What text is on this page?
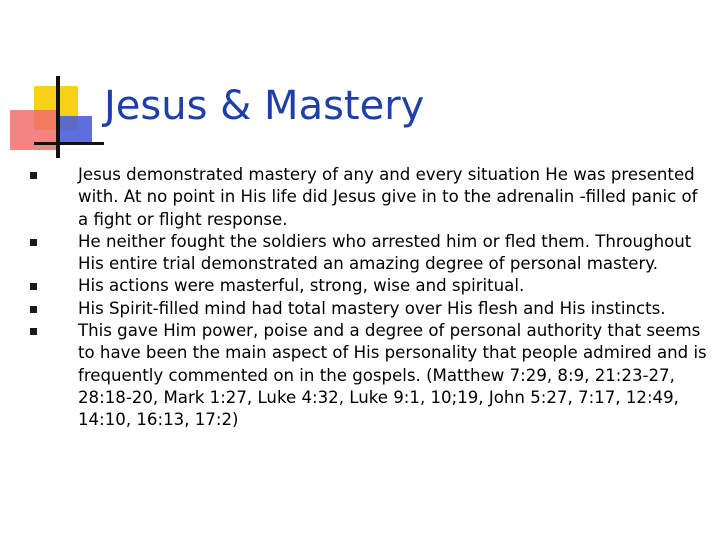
Jesus & Mastery
Jesus demonstrated mastery of any and every situation He was presented with. At no point in His life did Jesus give in to the adrenalin -filled panic of a fight or flight response.
He neither fought the soldiers who arrested him or fled them. Throughout His entire trial demonstrated an amazing degree of personal mastery.
His actions were masterful, strong, wise and spiritual.
His Spirit-filled mind had total mastery over His flesh and His instincts.
This gave Him power, poise and a degree of personal authority that seems to have been the main aspect of His personality that people admired and is frequently commented on in the gospels. (Matthew 7:29, 8:9, 21:23-27, 28:18-20, Mark 1:27, Luke 4:32, Luke 9:1, 10;19, John 5:27, 7:17, 12:49, 14:10, 16:13, 17:2)
